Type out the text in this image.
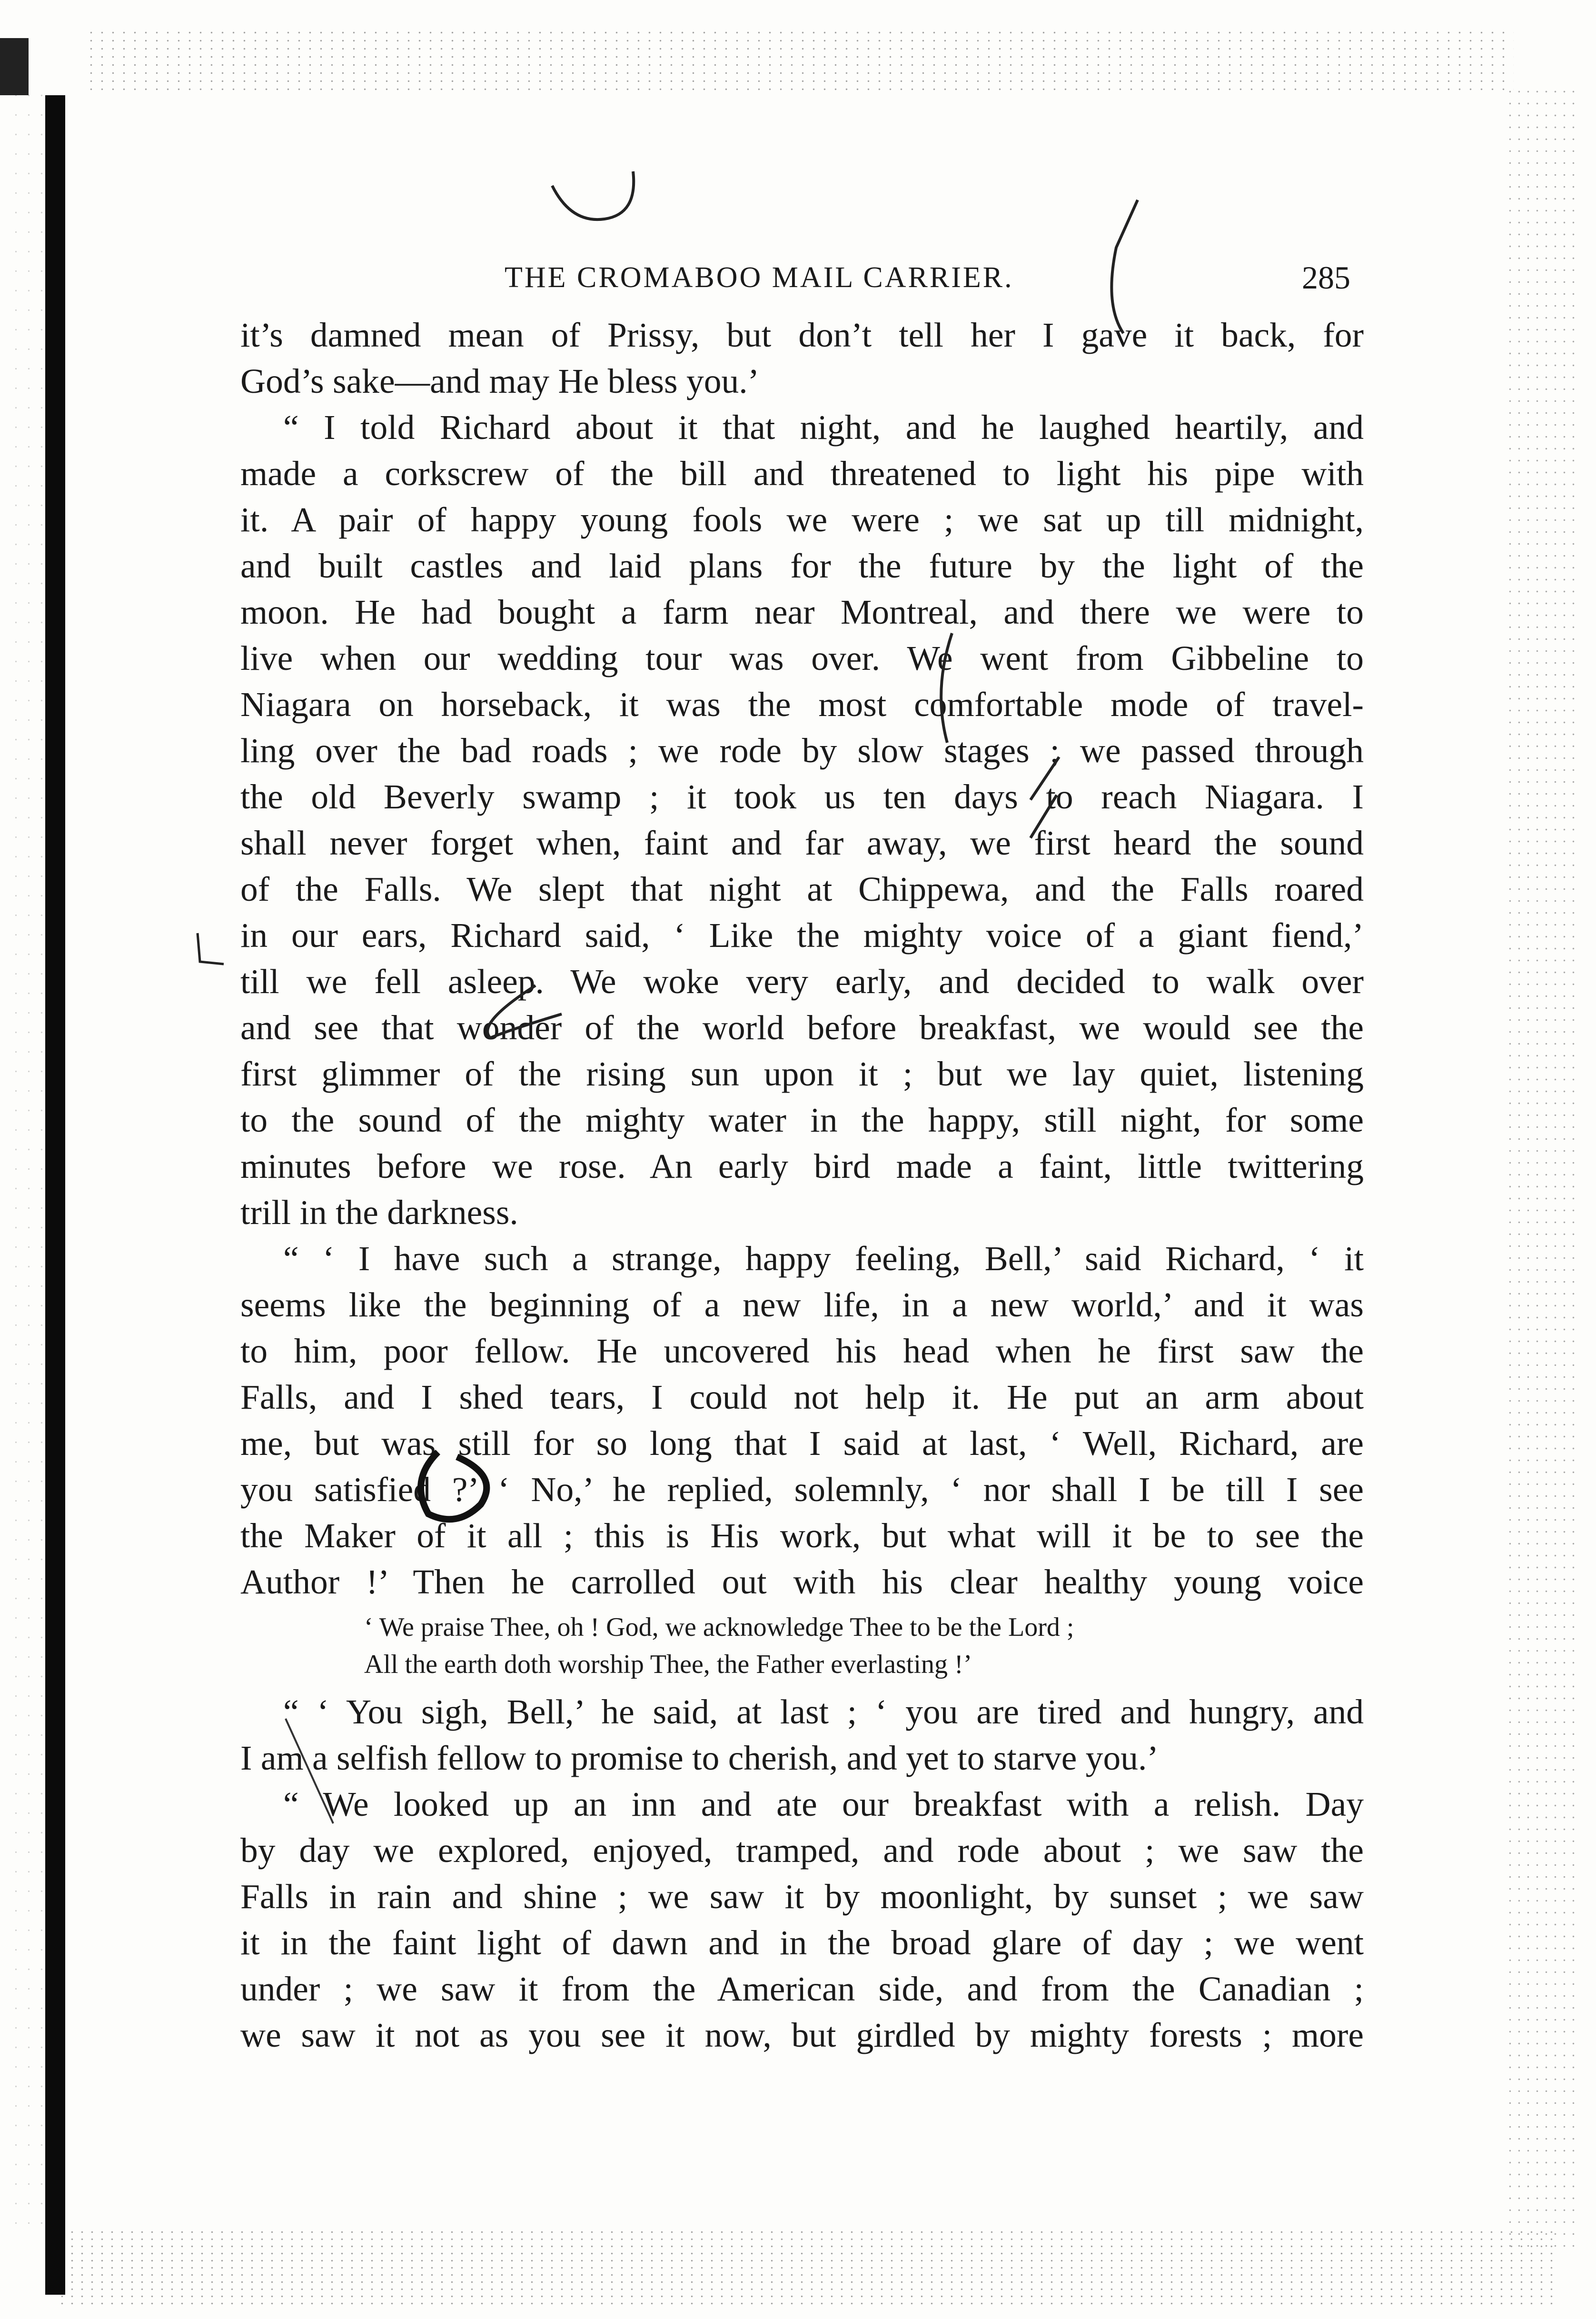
THE CROMABOO MAIL CARRIER.	285
it’s damned mean of Prissy, but don’t tell her I gave it back, for
God’s sake—and may He bless you.’
“ I told Richard about it that night, and he laughed heartily, and
made a corkscrew of the bill and threatened to light his pipe with
it. A pair of happy young fools we were ; we sat up till midnight,
and built castles and laid plans for the future by the light of the
moon. He had bought a farm near Montreal, and there we were to
live when our wedding tour was over. We went from Gibbeline to
Niagara on horseback, it was the most comfortable mode of travel-
ling over the bad roads ; we rode by slow stages ; we passed through
the old Beverly swamp ; it took us ten days to reach Niagara. I
shall never forget when, faint and far away, we first heard the sound
of the Falls. We slept that night at Chippewa, and the Falls roared
in our ears, Richard said, ‘ Like the mighty voice of a giant fiend,’
till we fell asleep. We woke very early, and decided to walk over
and see that wonder of the world before breakfast, we would see the
first glimmer of the rising sun upon it ; but we lay quiet, listening
to the sound of the mighty water in the happy, still night, for some
minutes before we rose. An early bird made a faint, little twittering
trill in the darkness.
“ ‘ I have such a strange, happy feeling, Bell,’ said Richard, ‘ it
seems like the beginning of a new life, in a new world,’ and it was
to him, poor fellow. He uncovered his head when he first saw the
Falls, and I shed tears, I could not help it. He put an arm about
me, but was still for so long that I said at last, ‘ Well, Richard, are
you satisfied ?’ ‘ No,’ he replied, solemnly, ‘ nor shall I be till I see
the Maker of it all ; this is His work, but what will it be to see the
Author !’ Then he carrolled out with his clear healthy young voice
‘ We praise Thee, oh ! God, we acknowledge Thee to be the Lord ;
All the earth doth worship Thee, the Father everlasting !’
“ ‘ You sigh, Bell,’ he said, at last ; ‘ you are tired and hungry, and
I am a selfish fellow to promise to cherish, and yet to starve you.’
“ We looked up an inn and ate our breakfast with a relish. Day
by day we explored, enjoyed, tramped, and rode about ; we saw the
Falls in rain and shine ; we saw it by moonlight, by sunset ; we saw
it in the faint light of dawn and in the broad glare of day ; we went
under ; we saw it from the American side, and from the Canadian ;
we saw it not as you see it now, but girdled by mighty forests ; more
